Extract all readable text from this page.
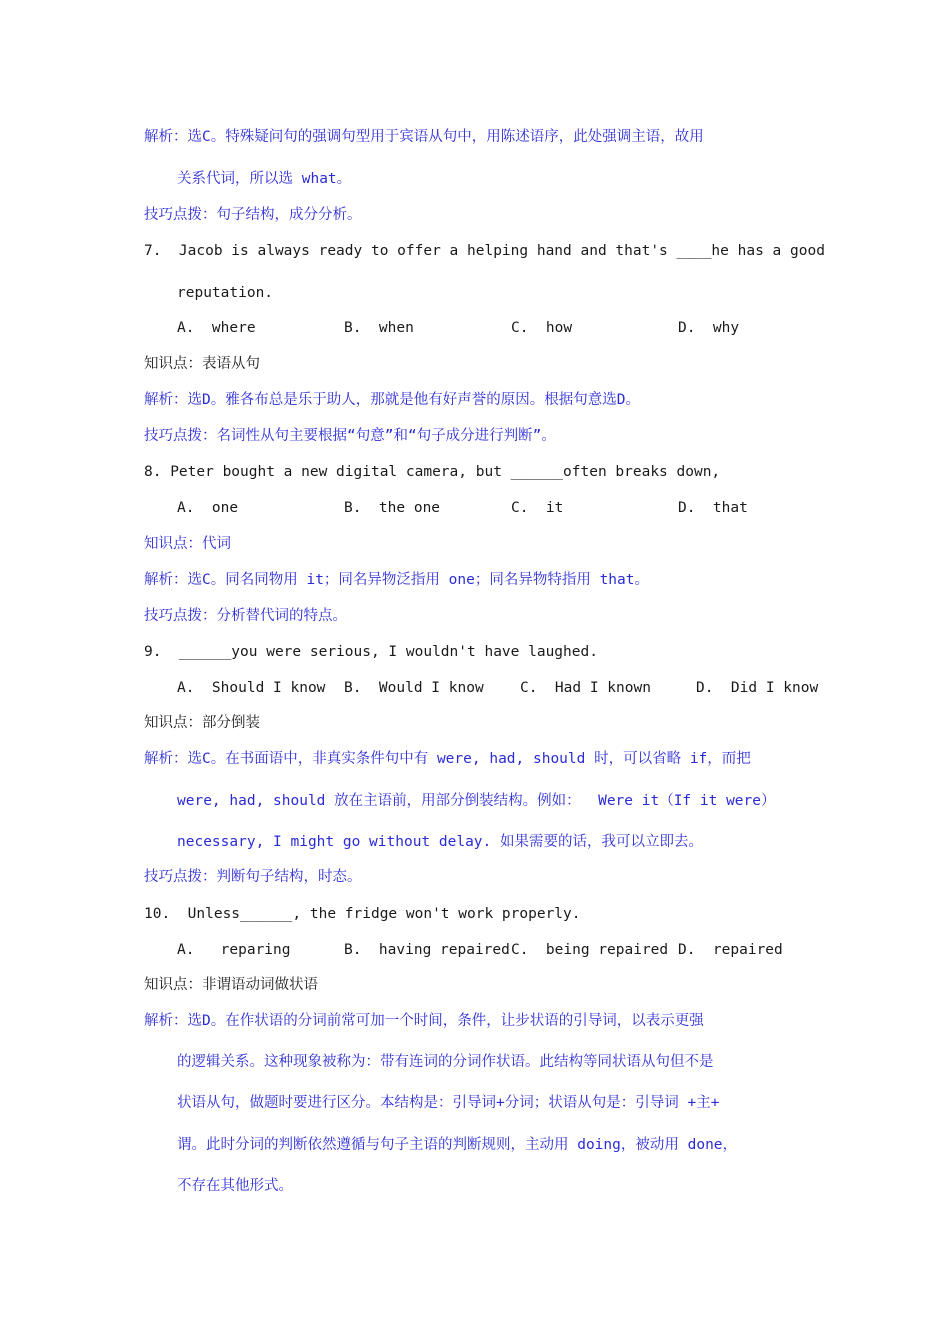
解析：选C。特殊疑问句的强调句型用于宾语从句中，用陈述语序，此处强调主语，故用
关系代词，所以选 what。
技巧点拨：句子结构，成分分析。
7.  Jacob is always ready to offer a helping hand and that's ____he has a good
reputation.
A.  where	B.  when	C.  how	D.  why
知识点：表语从句
解析：选D。雅各布总是乐于助人，那就是他有好声誉的原因。根据句意选D。
技巧点拨：名词性从句主要根据“句意”和“句子成分进行判断”。
8. Peter bought a new digital camera, but ______often breaks down,
A.  one	B.  the one	C.  it	D.  that
知识点：代词
解析：选C。同名同物用 it；同名异物泛指用 one；同名异物特指用 that。
技巧点拨：分析替代词的特点。
9.  ______you were serious, I wouldn't have laughed.
A.  Should I know B.  Would I know	C.  Had I known	D.  Did I know
知识点：部分倒装
解析：选C。在书面语中，非真实条件句中有 were, had, should 时，可以省略 if，而把
were, had, should 放在主语前，用部分倒装结构。例如：  Were it（If it were）
necessary, I might go without delay. 如果需要的话，我可以立即去。
技巧点拨：判断句子结构，时态。
10.  Unless______, the fridge won't work properly.
A.   reparing	B.  having repaired C.  being repaired D.  repaired
知识点：非谓语动词做状语
解析：选D。在作状语的分词前常可加一个时间，条件，让步状语的引导词，以表示更强
的逻辑关系。这种现象被称为：带有连词的分词作状语。此结构等同状语从句但不是
状语从句，做题时要进行区分。本结构是：引导词+分词；状语从句是：引导词 +主+
谓。此时分词的判断依然遵循与句子主语的判断规则，主动用 doing，被动用 done，
不存在其他形式。
